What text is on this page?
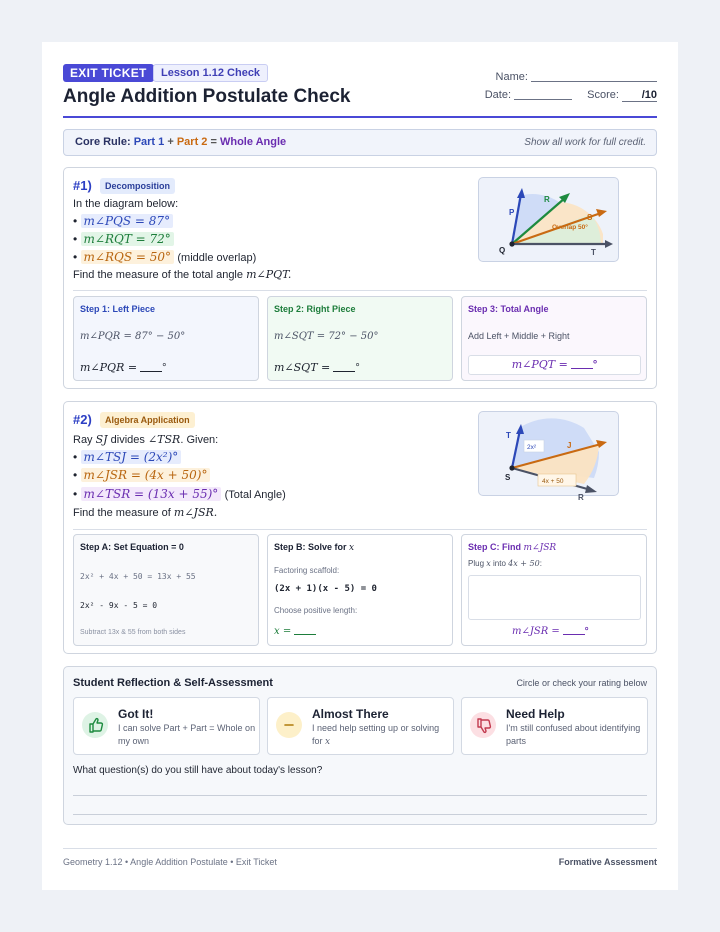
EXIT TICKET	Lesson 1.12 Check
Angle Addition Postulate Check
Name:
Date:	Score: /10
Core Rule: Part 1 + Part 2 = Whole Angle	Show all work for full credit.
#1)	Decomposition
In the diagram below:
• m∠PQS = 87°
• m∠RQT = 72°
• m∠RQS = 50° (middle overlap)
Find the measure of the total angle m∠PQT.
P
R
S
Q	T
Overlap 50°
Step 1: Left Piece
m∠PQR = 87° − 50°
m∠PQR = °
Step 2: Right Piece
m∠SQT = 72° − 50°
m∠SQT = °
Step 3: Total Angle
Add Left + Middle + Right
m∠PQT = °
#2)	Algebra Application
Ray SJ divides ∠TSR. Given:
• m∠TSJ = (2x²)°
• m∠JSR = (4x + 50)°
• m∠TSR = (13x + 55)° (Total Angle)
Find the measure of m∠JSR.
T
J
S
R
2x²
4x + 50
Step A: Set Equation = 0
2x² + 4x + 50 = 13x + 55
2x² - 9x - 5 = 0
Subtract 13x & 55 from both sides
Step B: Solve for x
Factoring scaffold:
(2x + 1)(x - 5) = 0
Choose positive length:
x =
Step C: Find m∠JSR
Plug x into 4x + 50:
m∠JSR = °
Student Reflection & Self-Assessment	Circle or check your rating below
Got It!
I can solve Part + Part = Whole on my own
Almost There
I need help setting up or solving for x
Need Help
I'm still confused about identifying parts
What question(s) do you still have about today's lesson?
Geometry 1.12 • Angle Addition Postulate • Exit Ticket	Formative Assessment
